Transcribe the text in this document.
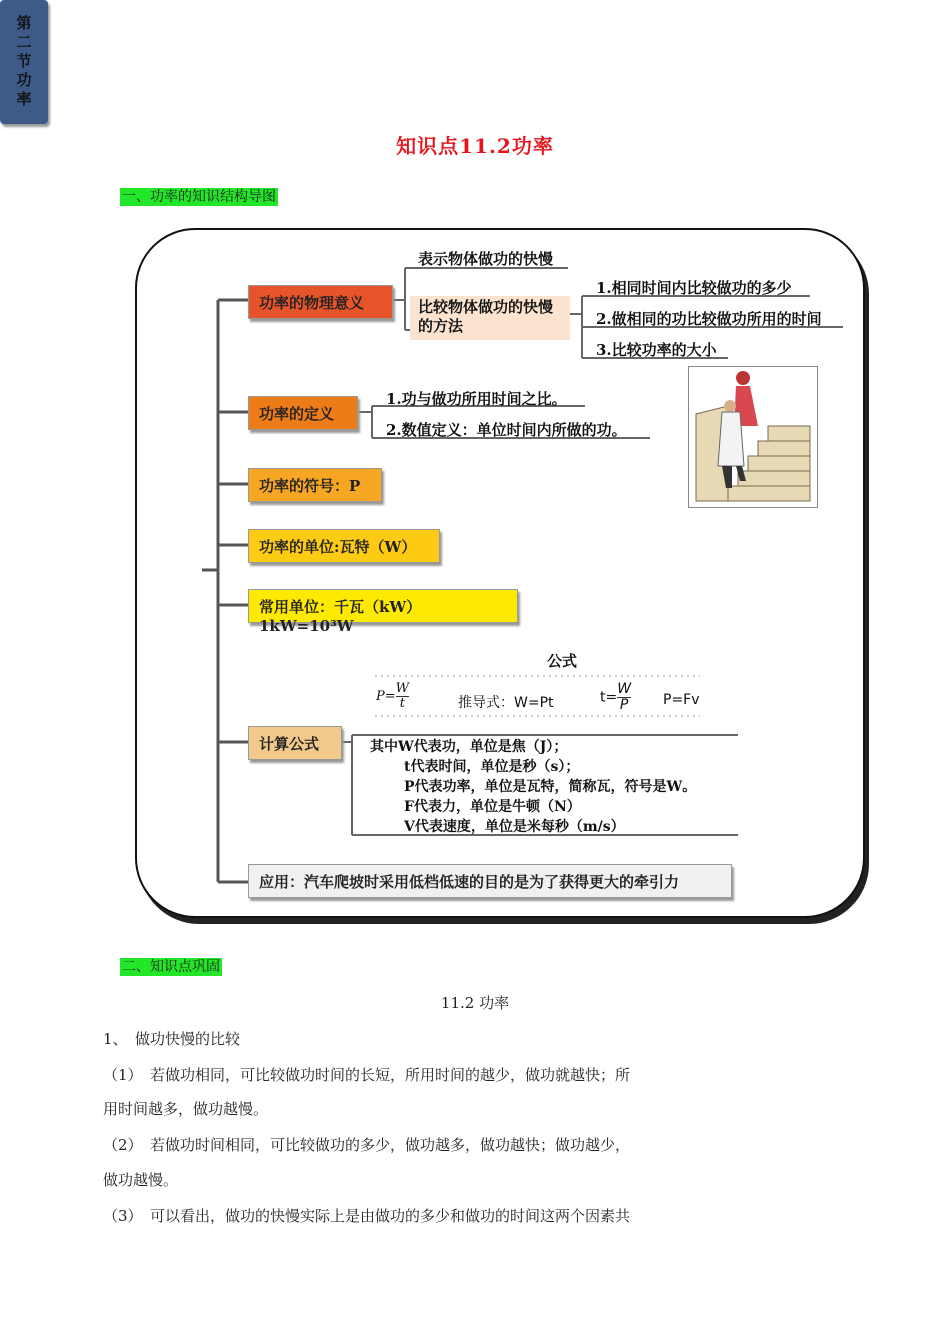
知识点11.2功率
一、功率的知识结构导图
第二节功率
功率的物理意义
表示物体做功的快慢
比较物体做功的快慢的方法
1.相同时间内比较做功的多少
2.做相同的功比较做功所用的时间
3.比较功率的大小
功率的定义
1.功与做功所用时间之比。
2.数值定义：单位时间内所做的功。
功率的符号：P
功率的单位:瓦特（W）
常用单位：千瓦（kW） 1kW=10³W
公式
$P= \frac{W}{t}$	推导式：W=Pt	$t= \frac{W}{P} P=Fv$
计算公式	其中W代表功，单位是焦（J）；
t代表时间，单位是秒（s）；
P代表功率，单位是瓦特，简称瓦，符号是W。
F代表力，单位是牛顿（N）
V代表速度，单位是米每秒（m/s）
应用：汽车爬坡时采用低档低速的目的是为了获得更大的牵引力
二、知识点巩固
11.2 功率
1、　做功快慢的比较
（1）　若做功相同，可比较做功时间的长短，所用时间的越少，做功就越快；所
用时间越多，做功越慢。
（2）　若做功时间相同，可比较做功的多少，做功越多，做功越快；做功越少，
做功越慢。
（3）　可以看出，做功的快慢实际上是由做功的多少和做功的时间这两个因素共
